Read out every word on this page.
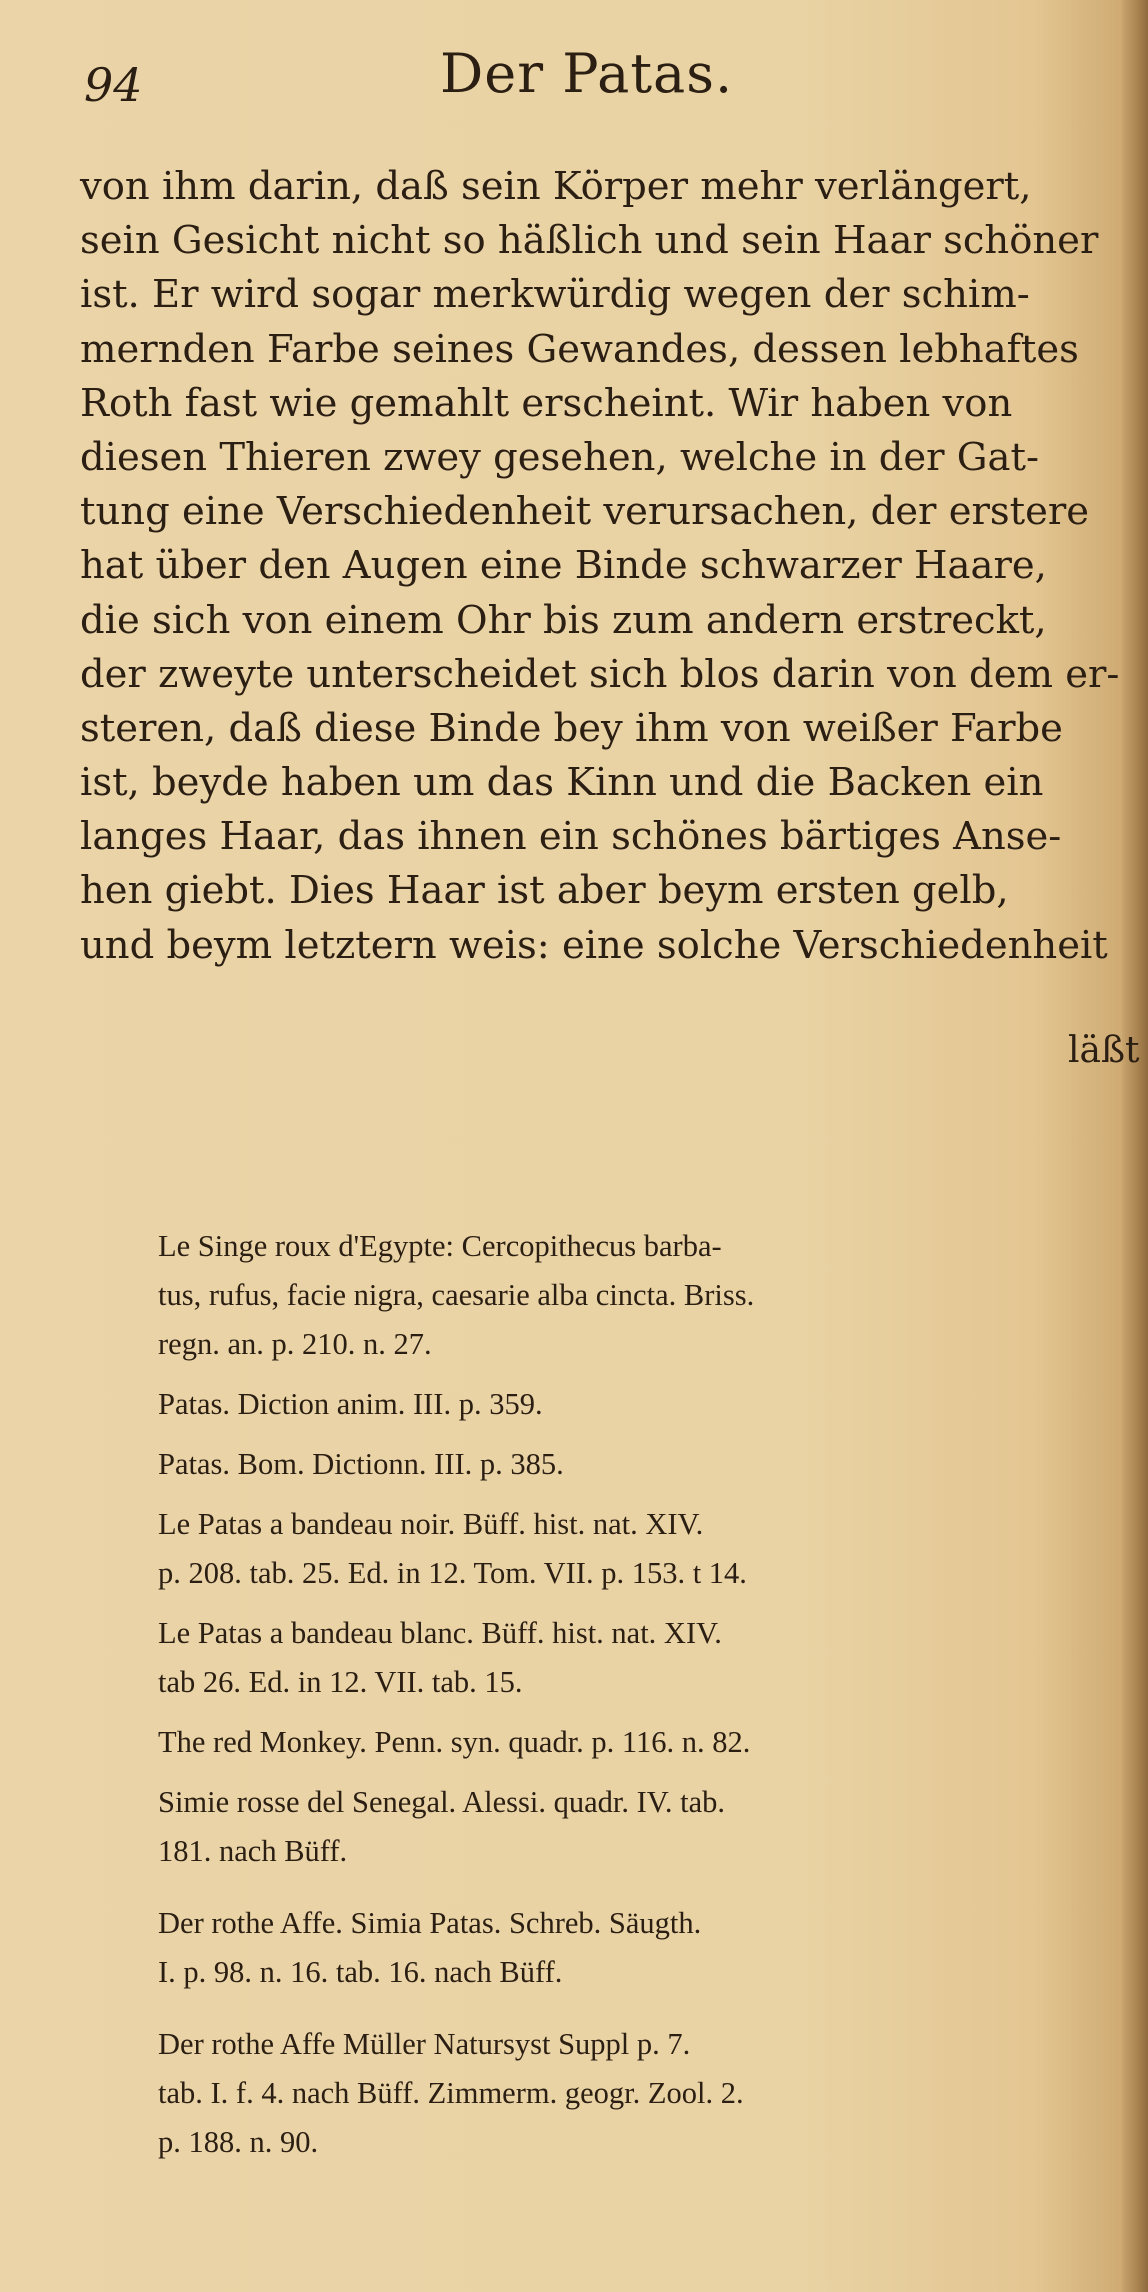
94	Der Patas.
von ihm darin, daß sein Körper mehr verlängert,
sein Gesicht nicht so häßlich und sein Haar schöner
ist. Er wird sogar merkwürdig wegen der schim-
mernden Farbe seines Gewandes, dessen lebhaftes
Roth fast wie gemahlt erscheint. Wir haben von
diesen Thieren zwey gesehen, welche in der Gat-
tung eine Verschiedenheit verursachen, der erstere
hat über den Augen eine Binde schwarzer Haare,
die sich von einem Ohr bis zum andern erstreckt,
der zweyte unterscheidet sich blos darin von dem er-
steren, daß diese Binde bey ihm von weißer Farbe
ist, beyde haben um das Kinn und die Backen ein
langes Haar, das ihnen ein schönes bärtiges Anse-
hen giebt. Dies Haar ist aber beym ersten gelb,
und beym letztern weis: eine solche Verschiedenheit
läßt
Le Singe roux d'Egypte: Cercopithecus barba-
tus, rufus, facie nigra, caesarie alba cincta. Briss.
regn. an. p. 210. n. 27.
Patas. Diction anim. III. p. 359.
Patas. Bom. Dictionn. III. p. 385.
Le Patas a bandeau noir. Büff. hist. nat. XIV.
p. 208. tab. 25. Ed. in 12. Tom. VII. p. 153. t 14.
Le Patas a bandeau blanc. Büff. hist. nat. XIV.
tab 26. Ed. in 12. VII. tab. 15.
The red Monkey. Penn. syn. quadr. p. 116. n. 82.
Simie rosse del Senegal. Alessi. quadr. IV. tab.
181. nach Büff.
Der rothe Affe. Simia Patas. Schreb. Säugth.
I. p. 98. n. 16. tab. 16. nach Büff.
Der rothe Affe Müller Natursyst Suppl p. 7.
tab. I. f. 4. nach Büff. Zimmerm. geogr. Zool. 2.
p. 188. n. 90.
